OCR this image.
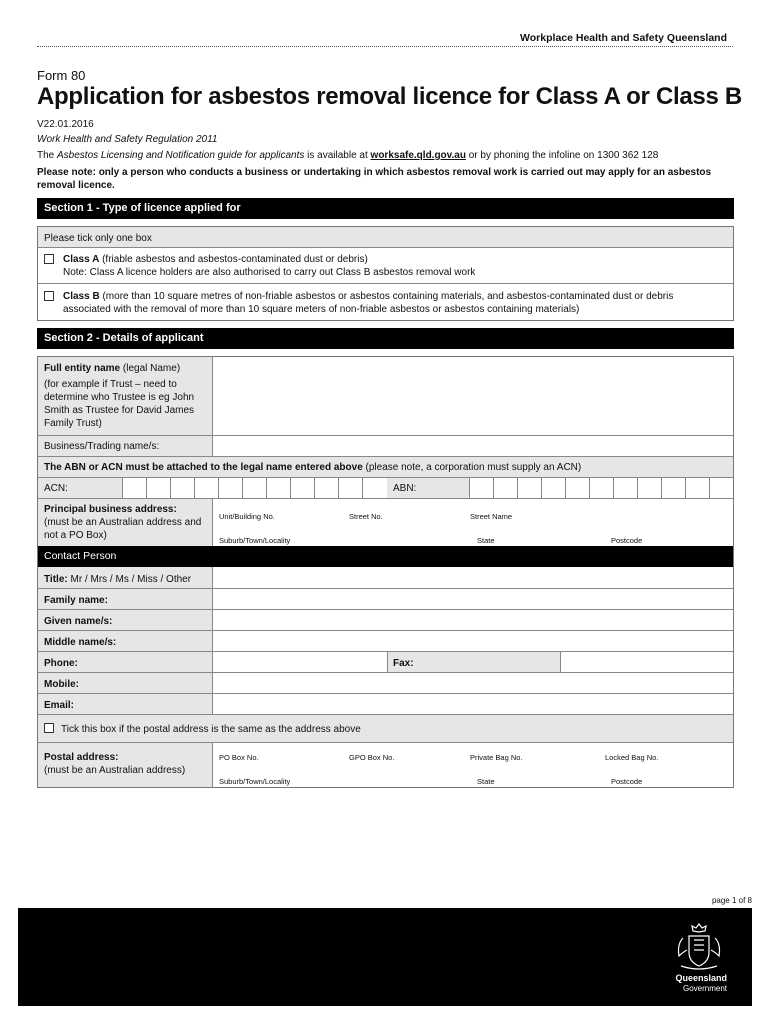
Workplace Health and Safety Queensland
Form 80
Application for asbestos removal licence for Class A or Class B
V22.01.2016
Work Health and Safety Regulation 2011
The Asbestos Licensing and Notification guide for applicants is available at worksafe.qld.gov.au or by phoning the infoline on 1300 362 128
Please note: only a person who conducts a business or undertaking in which asbestos removal work is carried out may apply for an asbestos removal licence.
Section 1 - Type of licence applied for
Please tick only one box
Class A (friable asbestos and asbestos-contaminated dust or debris)
Note: Class A licence holders are also authorised to carry out Class B asbestos removal work
Class B (more than 10 square metres of non-friable asbestos or asbestos containing materials, and asbestos-contaminated dust or debris associated with the removal of more than 10 square meters of non-friable asbestos or asbestos containing materials)
Section 2 - Details of applicant
Full entity name (legal Name)
(for example if Trust – need to determine who Trustee is eg John Smith as Trustee for David James Family Trust)
Business/Trading name/s:
The ABN or ACN must be attached to the legal name entered above (please note, a corporation must supply an ACN)
ACN:	ABN:
Principal business address:
(must be an Australian address and not a PO Box)
Unit/Building No.	Street No.	Street Name
Suburb/Town/Locality	State	Postcode
Contact Person
Title: Mr / Mrs / Ms / Miss / Other
Family name:
Given name/s:
Middle name/s:
Phone:	Fax:
Mobile:
Email:
Tick this box if the postal address is the same as the address above
Postal address:
(must be an Australian address)
PO Box No.	GPO Box No.	Private Bag No.	Locked Bag No.
Suburb/Town/Locality	State	Postcode
page 1 of 8
Queensland
Government
